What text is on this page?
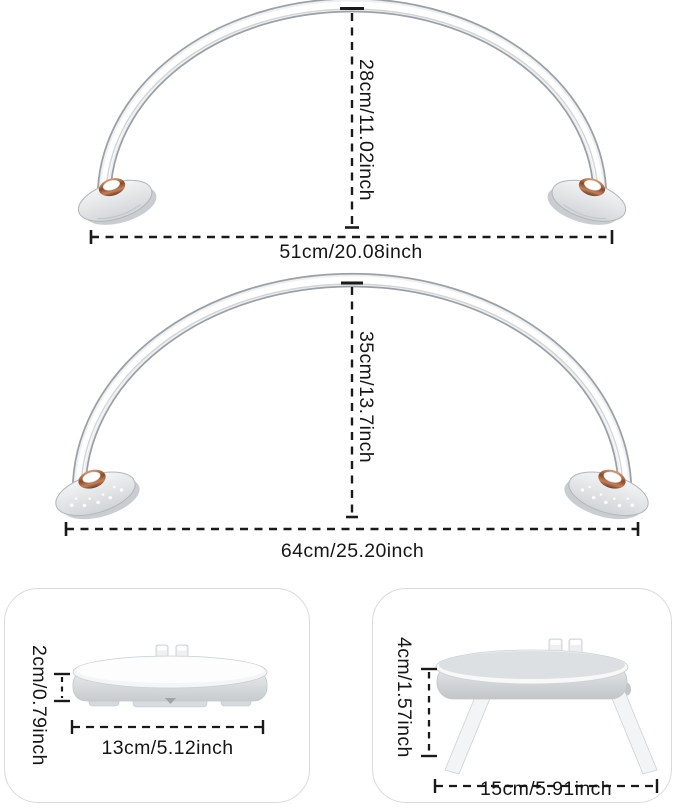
28cm/11.02inch
51cm/20.08inch
35cm/13.7inch
64cm/25.20inch
2cm/0.79inch	13cm/5.12inch	4cm/1.57inch
15cm/5.91inch
